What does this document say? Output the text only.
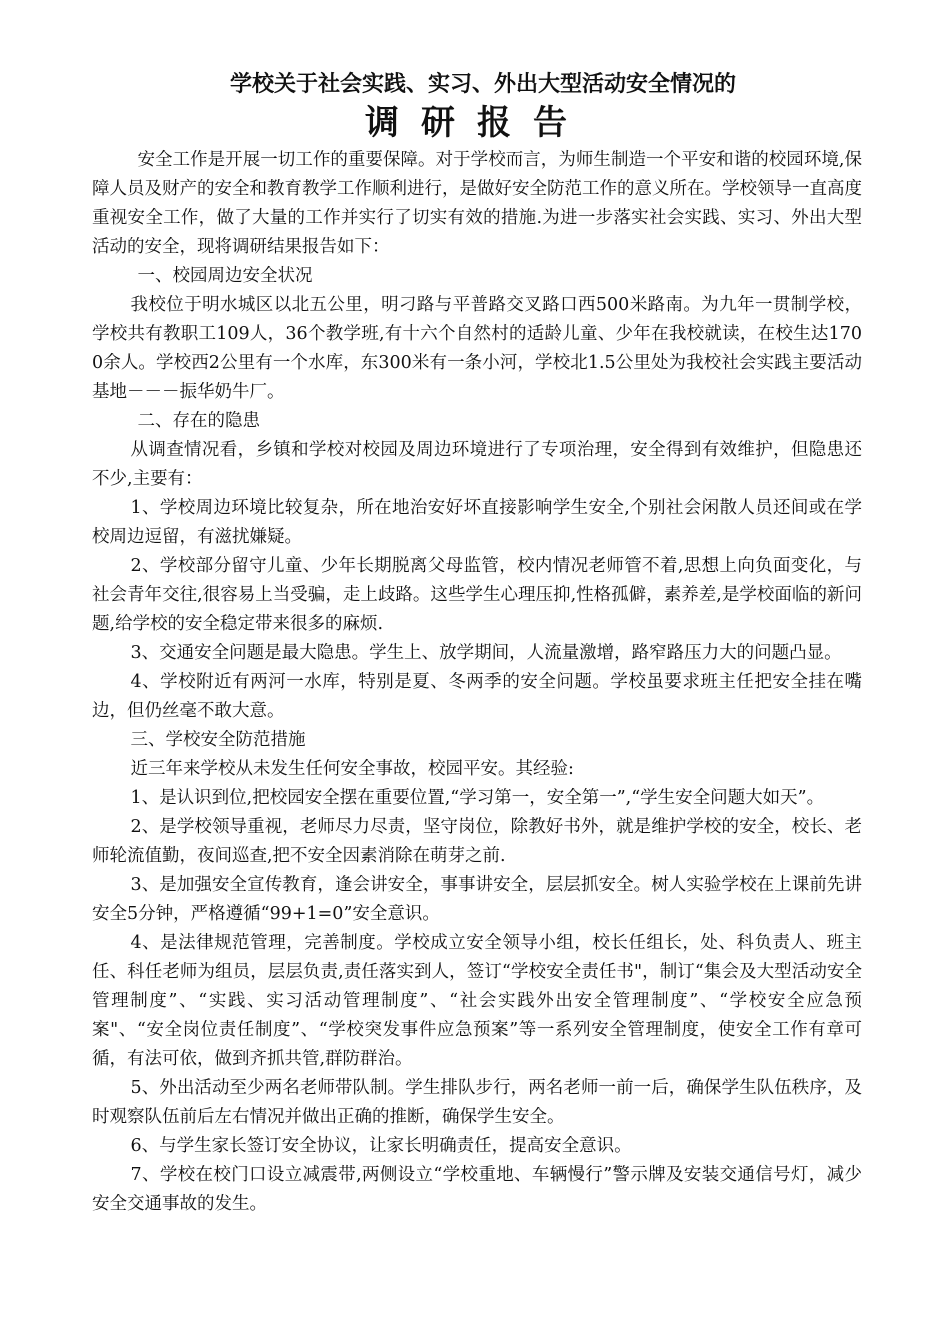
学校关于社会实践、实习、外出大型活动安全情况的
调研报告

安全工作是开展一切工作的重要保障。对于学校而言，为师生制造一个平安和谐的校园环境,保障人员及财产的安全和教育教学工作顺利进行，是做好安全防范工作的意义所在。学校领导一直高度重视安全工作，做了大量的工作并实行了切实有效的措施.为进一步落实社会实践、实习、外出大型活动的安全，现将调研结果报告如下：

一、校园周边安全状况

我校位于明水城区以北五公里，明刁路与平普路交叉路口西500米路南。为九年一贯制学校，学校共有教职工109人，36个教学班,有十六个自然村的适龄儿童、少年在我校就读，在校生达1700余人。学校西2公里有一个水库，东300米有一条小河，学校北1.5公里处为我校社会实践主要活动基地－－－振华奶牛厂。

二、存在的隐患

从调查情况看，乡镇和学校对校园及周边环境进行了专项治理，安全得到有效维护，但隐患还不少,主要有：

1、学校周边环境比较复杂，所在地治安好坏直接影响学生安全,个别社会闲散人员还间或在学校周边逗留，有滋扰嫌疑。

2、学校部分留守儿童、少年长期脱离父母监管，校内情况老师管不着,思想上向负面变化，与社会青年交往,很容易上当受骗，走上歧路。这些学生心理压抑,性格孤僻，素养差,是学校面临的新问题,给学校的安全稳定带来很多的麻烦.

3、交通安全问题是最大隐患。学生上、放学期间，人流量激增，路窄路压力大的问题凸显。

4、学校附近有两河一水库，特别是夏、冬两季的安全问题。学校虽要求班主任把安全挂在嘴边，但仍丝毫不敢大意。

三、学校安全防范措施

近三年来学校从未发生任何安全事故，校园平安。其经验:

1、是认识到位,把校园安全摆在重要位置,“学习第一，安全第一”,“学生安全问题大如天”。

2、是学校领导重视，老师尽力尽责，坚守岗位，除教好书外，就是维护学校的安全，校长、老师轮流值勤，夜间巡查,把不安全因素消除在萌芽之前.

3、是加强安全宣传教育，逢会讲安全，事事讲安全，层层抓安全。树人实验学校在上课前先讲安全5分钟，严格遵循“99+1=0”安全意识。

4、是法律规范管理，完善制度。学校成立安全领导小组，校长任组长，处、科负责人、班主任、科任老师为组员，层层负责,责任落实到人，签订“学校安全责任书"，制订“集会及大型活动安全管理制度”、“实践、实习活动管理制度”、“社会实践外出安全管理制度”、“学校安全应急预案"、“安全岗位责任制度”、“学校突发事件应急预案”等一系列安全管理制度，使安全工作有章可循，有法可依，做到齐抓共管,群防群治。

5、外出活动至少两名老师带队制。学生排队步行，两名老师一前一后，确保学生队伍秩序，及时观察队伍前后左右情况并做出正确的推断，确保学生安全。

6、与学生家长签订安全协议，让家长明确责任，提高安全意识。

7、学校在校门口设立减震带,两侧设立“学校重地、车辆慢行”警示牌及安装交通信号灯，减少安全交通事故的发生。
